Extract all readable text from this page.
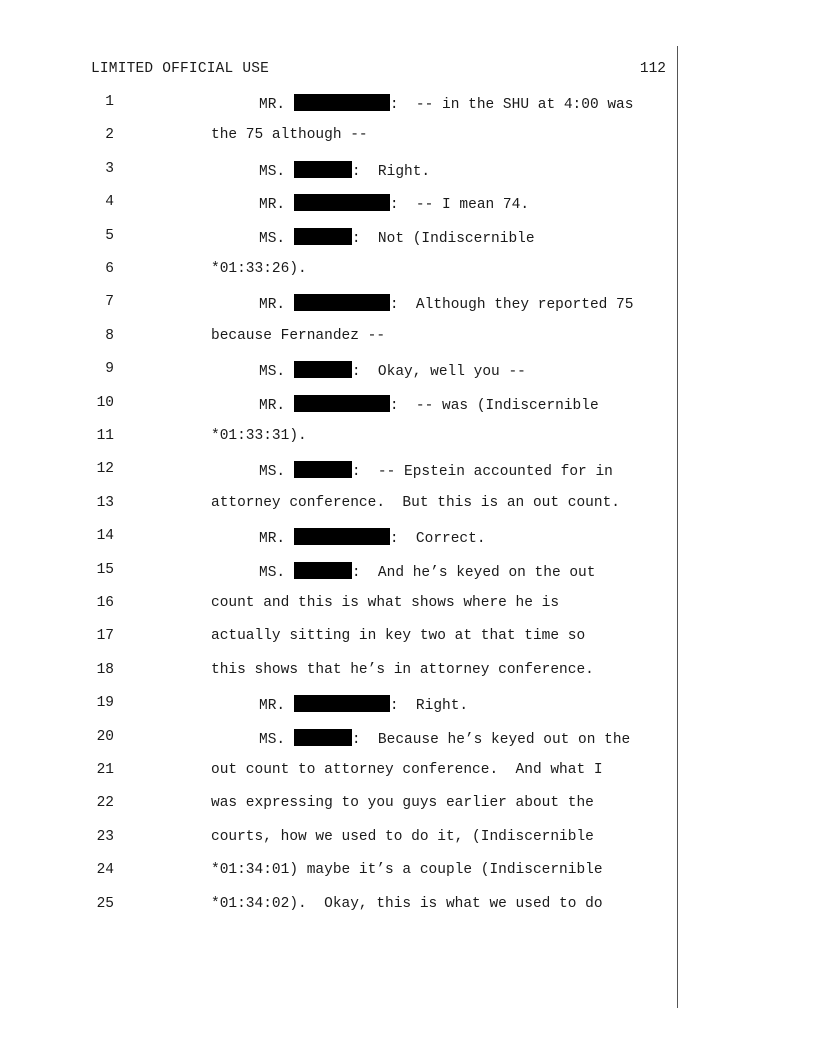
LIMITED OFFICIAL USE	112
1	MR.	:  -- in the SHU at 4:00 was
2	the 75 although --
3	MS.	:  Right.
4	MR.	:  -- I mean 74.
5	MS.	:  Not (Indiscernible
6	*01:33:26).
7	MR.	:  Although they reported 75
8	because Fernandez --
9	MS.	:  Okay, well you --
10	MR.	:  -- was (Indiscernible
11	*01:33:31).
12	MS.	:  -- Epstein accounted for in
13	attorney conference.  But this is an out count.
14	MR.	:  Correct.
15	MS.	:  And he’s keyed on the out
16	count and this is what shows where he is
17	actually sitting in key two at that time so
18	this shows that he’s in attorney conference.
19	MR.	:  Right.
20	MS.	:  Because he’s keyed out on the
21	out count to attorney conference.  And what I
22	was expressing to you guys earlier about the
23	courts, how we used to do it, (Indiscernible
24	*01:34:01) maybe it’s a couple (Indiscernible
25	*01:34:02).  Okay, this is what we used to do
